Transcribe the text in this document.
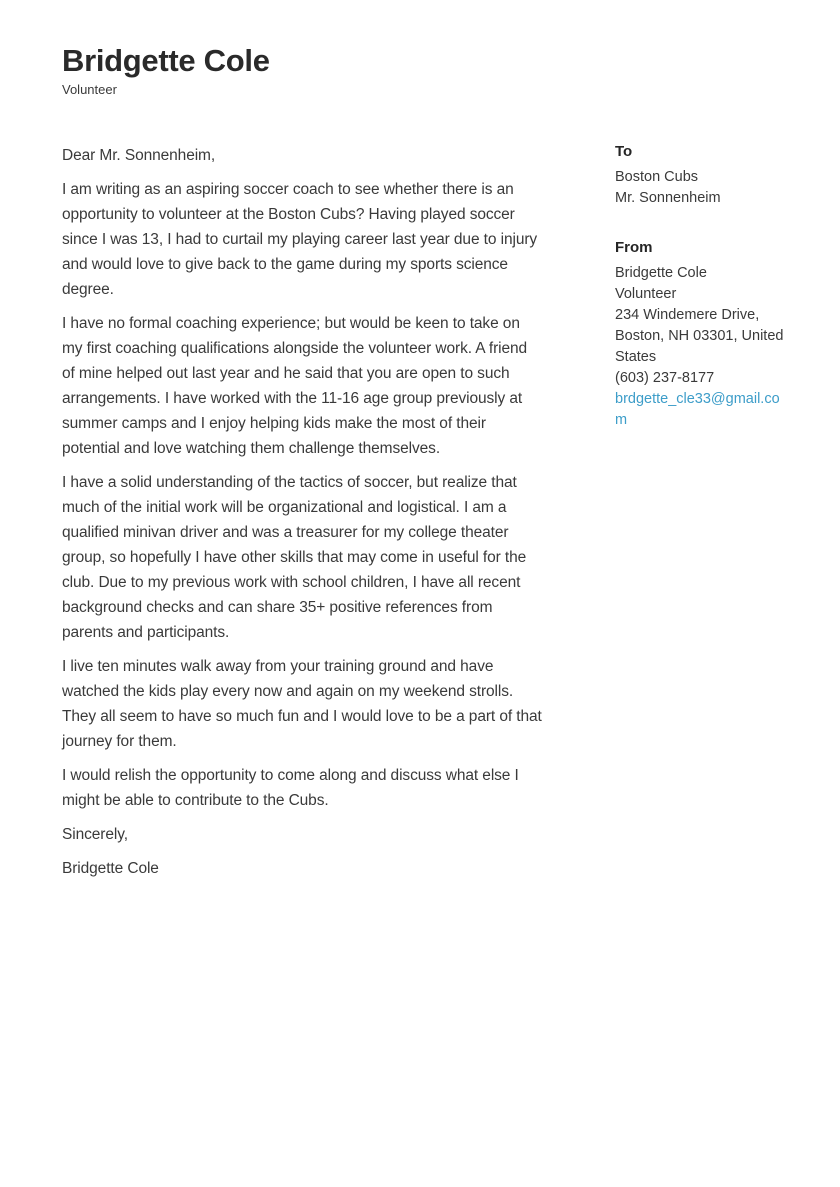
Bridgette Cole
Volunteer

Dear Mr. Sonnenheim,

I am writing as an aspiring soccer coach to see whether there is an opportunity to volunteer at the Boston Cubs? Having played soccer since I was 13, I had to curtail my playing career last year due to injury and would love to give back to the game during my sports science degree.

I have no formal coaching experience; but would be keen to take on my first coaching qualifications alongside the volunteer work. A friend of mine helped out last year and he said that you are open to such arrangements. I have worked with the 11-16 age group previously at summer camps and I enjoy helping kids make the most of their potential and love watching them challenge themselves.

I have a solid understanding of the tactics of soccer, but realize that much of the initial work will be organizational and logistical. I am a qualified minivan driver and was a treasurer for my college theater group, so hopefully I have other skills that may come in useful for the club. Due to my previous work with school children, I have all recent background checks and can share 35+ positive references from parents and participants.

I live ten minutes walk away from your training ground and have watched the kids play every now and again on my weekend strolls. They all seem to have so much fun and I would love to be a part of that journey for them.

I would relish the opportunity to come along and discuss what else I might be able to contribute to the Cubs.

Sincerely,

Bridgette Cole

To
Boston Cubs
Mr. Sonnenheim
From
Bridgette Cole
Volunteer
234 Windemere Drive,
Boston, NH 03301, United States
(603) 237-8177
brdgette_cle33@gmail.com
